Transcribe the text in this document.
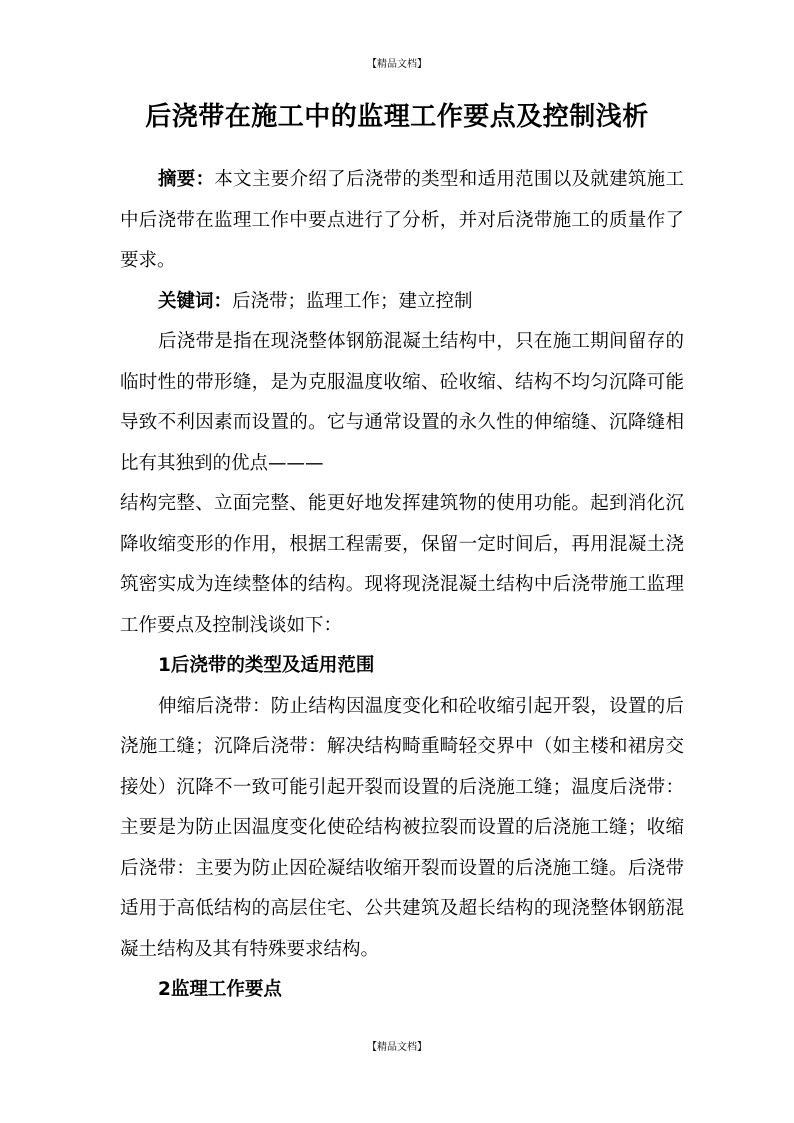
【精品文档】
后浇带在施工中的监理工作要点及控制浅析

摘要：本文主要介绍了后浇带的类型和适用范围以及就建筑施工中后浇带在监理工作中要点进行了分析，并对后浇带施工的质量作了要求。

关键词：后浇带；监理工作；建立控制

后浇带是指在现浇整体钢筋混凝土结构中，只在施工期间留存的临时性的带形缝，是为克服温度收缩、砼收缩、结构不均匀沉降可能导致不利因素而设置的。它与通常设置的永久性的伸缩缝、沉降缝相比有其独到的优点———

结构完整、立面完整、能更好地发挥建筑物的使用功能。起到消化沉降收缩变形的作用，根据工程需要，保留一定时间后，再用混凝土浇筑密实成为连续整体的结构。现将现浇混凝土结构中后浇带施工监理工作要点及控制浅谈如下：

1后浇带的类型及适用范围

伸缩后浇带：防止结构因温度变化和砼收缩引起开裂，设置的后浇施工缝；沉降后浇带：解决结构畸重畸轻交界中（如主楼和裙房交接处）沉降不一致可能引起开裂而设置的后浇施工缝；温度后浇带：主要是为防止因温度变化使砼结构被拉裂而设置的后浇施工缝；收缩后浇带：主要为防止因砼凝结收缩开裂而设置的后浇施工缝。后浇带适用于高低结构的高层住宅、公共建筑及超长结构的现浇整体钢筋混凝土结构及其有特殊要求结构。

2监理工作要点

【精品文档】
